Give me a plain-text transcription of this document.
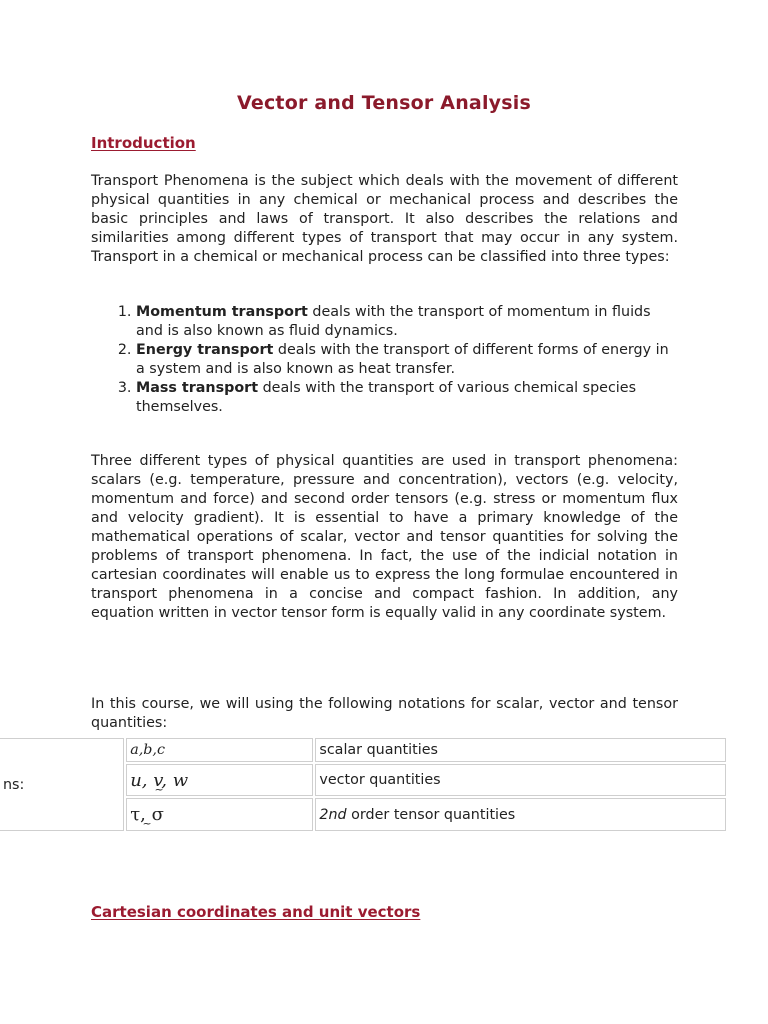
Vector and Tensor Analysis
Introduction

Transport Phenomena is the subject which deals with the movement of different physical quantities in any chemical or mechanical process and describes the basic principles and laws of transport. It also describes the relations and similarities among different types of transport that may occur in any system. Transport in a chemical or mechanical process can be classified into three types:

1. Momentum transport deals with the transport of momentum in fluids and is also known as fluid dynamics.
2. Energy transport deals with the transport of different forms of energy in a system and is also known as heat transfer.
3. Mass transport deals with the transport of various chemical species themselves.

Three different types of physical quantities are used in transport phenomena: scalars (e.g. temperature, pressure and concentration), vectors (e.g. velocity, momentum and force) and second order tensors (e.g. stress or momentum flux and velocity gradient). It is essential to have a primary knowledge of the mathematical operations of scalar, vector and tensor quantities for solving the problems of transport phenomena. In fact, the use of the indicial notation in cartesian coordinates will enable us to express the long formulae encountered in transport phenomena in a concise and compact fashion. In addition, any equation written in vector tensor form is equally valid in any coordinate system.

In this course, we will using the following notations for scalar, vector and tensor quantities:

ns:	a,b,c	scalar quantities
	u, v, w ~	vector quantities
	τ, σ ~	2nd order tensor quantities
Cartesian coordinates and unit vectors
